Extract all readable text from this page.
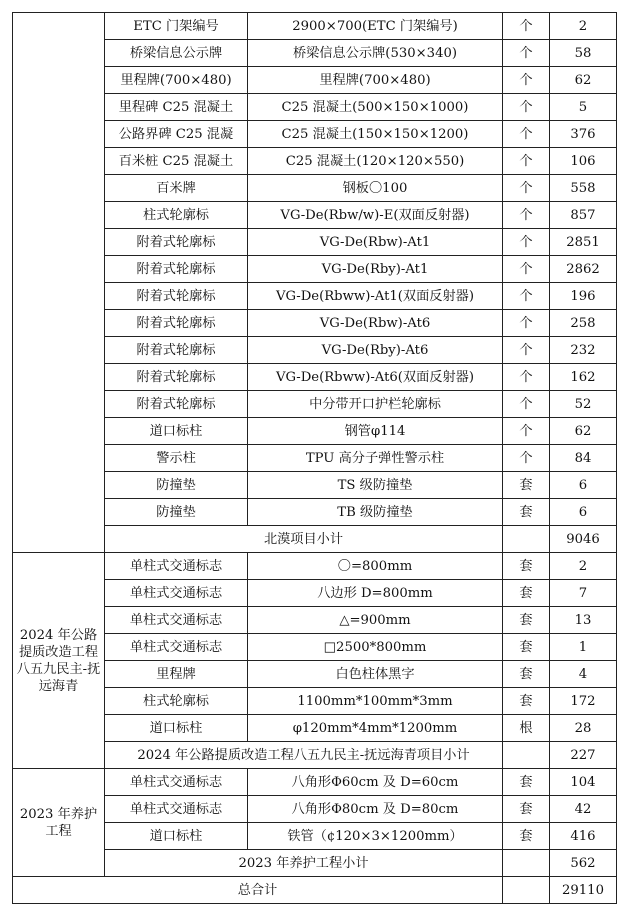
	ETC 门架编号	2900×700(ETC 门架编号)	个	2
	桥梁信息公示牌	桥梁信息公示牌(530×340)	个	58
	里程牌(700×480)	里程牌(700×480)	个	62
	里程碑 C25 混凝土	C25 混凝土(500×150×1000)	个	5
	公路界碑 C25 混凝	C25 混凝土(150×150×1200)	个	376
	百米桩 C25 混凝土	C25 混凝土(120×120×550)	个	106
	百米牌	钢板〇100	个	558
	柱式轮廓标	VG-De(Rbw/w)-E(双面反射器)	个	857
	附着式轮廓标	VG-De(Rbw)-At1	个	2851
	附着式轮廓标	VG-De(Rby)-At1	个	2862
	附着式轮廓标	VG-De(Rbww)-At1(双面反射器)	个	196
	附着式轮廓标	VG-De(Rbw)-At6	个	258
	附着式轮廓标	VG-De(Rby)-At6	个	232
	附着式轮廓标	VG-De(Rbww)-At6(双面反射器)	个	162
	附着式轮廓标	中分带开口护栏轮廓标	个	52
	道口标柱	钢管φ114	个	62
	警示柱	TPU 高分子弹性警示柱	个	84
	防撞垫	TS 级防撞垫	套	6
	防撞垫	TB 级防撞垫	套	6
	北漠项目小计			9046
2024 年公路提质改造工程八五九民主-抚远海青	单柱式交通标志	〇=800mm	套	2
	单柱式交通标志	八边形 D=800mm	套	7
	单柱式交通标志	△=900mm	套	13
	单柱式交通标志	□2500*800mm	套	1
	里程牌	白色柱体黑字	套	4
	柱式轮廓标	1100mm*100mm*3mm	套	172
	道口标柱	φ120mm*4mm*1200mm	根	28
	2024 年公路提质改造工程八五九民主-抚远海青项目小计			227
2023 年养护工程	单柱式交通标志	八角形Φ60cm 及 D=60cm	套	104
	单柱式交通标志	八角形Φ80cm 及 D=80cm	套	42
	道口标柱	铁管（¢120×3×1200mm）	套	416
	2023 年养护工程小计			562
总合计				29110
